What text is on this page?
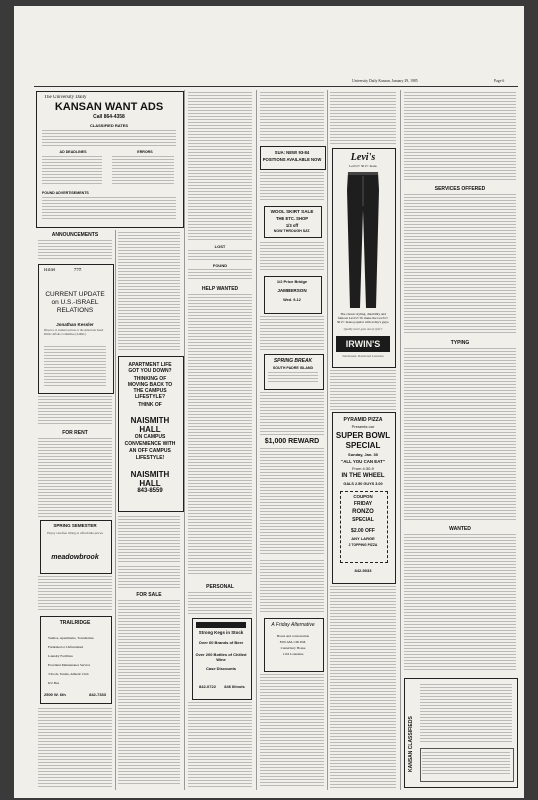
University Daily Kansan, January 29, 1985	Page 6
The University Daily
KANSAN WANT ADS
Call 864-4358
CLASSIFIED RATES
AD DEADLINES	ERRORS
FOUND ADVERTISEMENTS
ANNOUNCEMENTS
Hillel	הלל
CURRENT UPDATE
on U.S.-ISRAEL
RELATIONS
Jonathan Kessler
Director of student section of the American Israel Public Affairs Committee (AIPAC)
FOR RENT
SPRING SEMESTER
Enjoy carefree living at affordable prices
meadowbrook
TRAILRIDGE
Studios, Apartments, Townhomes
Furnished or Unfurnished
Laundry Facilities
Excellent Maintenance Service
3 Pools, Tennis, Athletic Club
KU Bus
2500 W. 6th	842-7333
APARTMENT LIFE
GOT YOU DOWN?
THINKING OF
MOVING BACK TO
THE CAMPUS
LIFESTYLE?
THINK OF
NAISMITH HALL
ON CAMPUS
CONVENIENCE WITH
AN OFF CAMPUS
LIFESTYLE!
NAISMITH HALL
843-8559
FOR SALE
LOST
FOUND
HELP WANTED
PERSONAL
Strong Kegs in Stock
Over 60 Brands of Beer
Over 200 Bottles of Chilled Wine
Case Discounts
842-0722	846 Illinois
SUA: NEW! 93-84
POSITIONS AVAILABLE NOW
WOOL SKIRT SALE
THE ETC. SHOP
1/3 off
NOW THROUGH SAT.
1/2 Price Bridge
JAMBERSON
Wed. 9-12
SPRING BREAK
SOUTH PADRE ISLAND
$1,000 REWARD
A Friday Alternative
Hours and conversation
8:00 AM-1:00 P.M.
Canterbury House
1116 Louisiana
Levi's
Levi's® 501® Jeans
The classic styling, durability and famous Levi's® fit make the Levi's® 501® Jeans popular with today's guys.
Quality never goes out of style®
IRWIN'S
Stan Kesser, Downtown Lawrence
PYRAMID PIZZA
Presents our
SUPER BOWL
SPECIAL
Sunday, Jan. 30
"ALL YOU CAN EAT"
From 4:30-9
IN THE WHEEL
GALS 2.50 GUYS 3.00
COUPON
FRIDAY
RONZO
SPECIAL
$2.00 OFF
ANY LARGE
2 TOPPING PIZZA
842-5033
SERVICES OFFERED
TYPING
WANTED
KANSAN CLASSIFIEDS
